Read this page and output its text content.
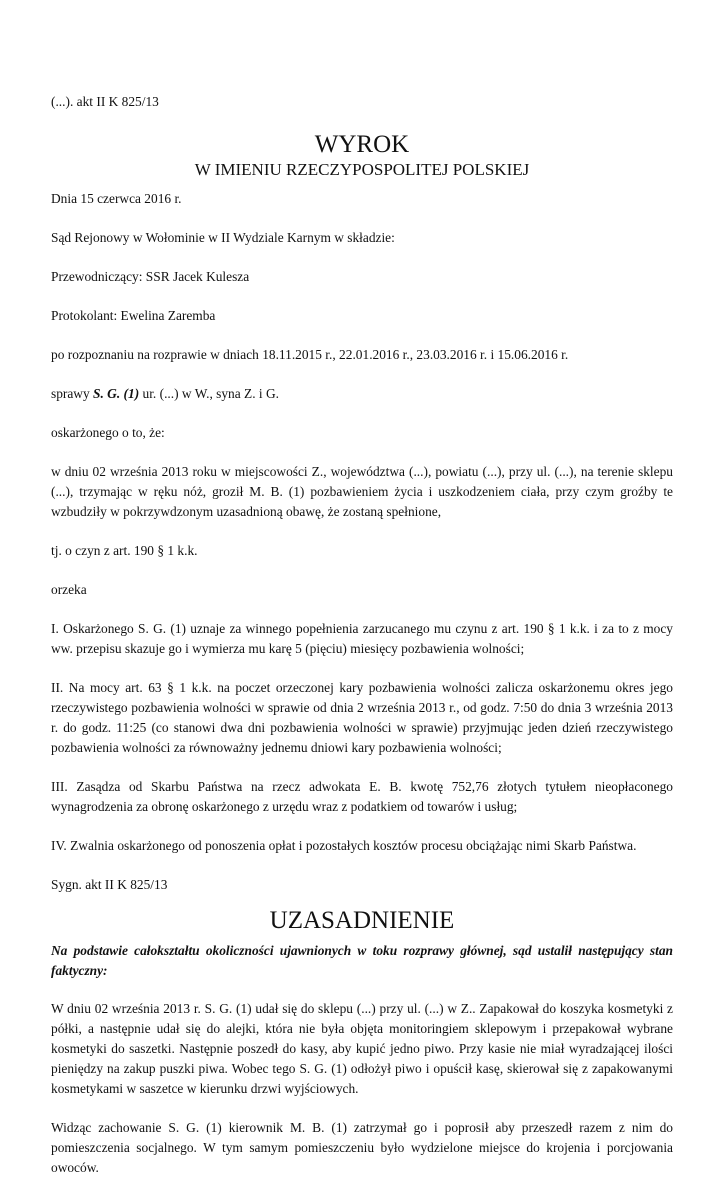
(...). akt II K 825/13

WYROK

W IMIENIU RZECZYPOSPOLITEJ POLSKIEJ

Dnia 15 czerwca 2016 r.

Sąd Rejonowy w Wołominie w II Wydziale Karnym w składzie:

Przewodniczący: SSR Jacek Kulesza

Protokolant: Ewelina Zaremba

po rozpoznaniu na rozprawie w dniach 18.11.2015 r., 22.01.2016 r., 23.03.2016 r. i 15.06.2016 r.

sprawy S. G. (1) ur. (...) w W., syna Z. i G.

oskarżonego o to, że:

w dniu 02 września 2013 roku w miejscowości Z., województwa (...), powiatu (...), przy ul. (...), na terenie sklepu (...), trzymając w ręku nóż, groził M. B. (1) pozbawieniem życia i uszkodzeniem ciała, przy czym groźby te wzbudziły w pokrzywdzonym uzasadnioną obawę, że zostaną spełnione,

tj. o czyn z art. 190 § 1 k.k.

orzeka

I. Oskarżonego S. G. (1) uznaje za winnego popełnienia zarzucanego mu czynu z art. 190 § 1 k.k. i za to z mocy ww. przepisu skazuje go i wymierza mu karę 5 (pięciu) miesięcy pozbawienia wolności;

II. Na mocy art. 63 § 1 k.k. na poczet orzeczonej kary pozbawienia wolności zalicza oskarżonemu okres jego rzeczywistego pozbawienia wolności w sprawie od dnia 2 września 2013 r., od godz. 7:50 do dnia 3 września 2013 r. do godz. 11:25 (co stanowi dwa dni pozbawienia wolności w sprawie) przyjmując jeden dzień rzeczywistego pozbawienia wolności za równoważny jednemu dniowi kary pozbawienia wolności;

III. Zasądza od Skarbu Państwa na rzecz adwokata E. B. kwotę 752,76 złotych tytułem nieopłaconego wynagrodzenia za obronę oskarżonego z urzędu wraz z podatkiem od towarów i usług;

IV. Zwalnia oskarżonego od ponoszenia opłat i pozostałych kosztów procesu obciążając nimi Skarb Państwa.

Sygn. akt II K 825/13

UZASADNIENIE

Na podstawie całokształtu okoliczności ujawnionych w toku rozprawy głównej, sąd ustalił następujący stan faktyczny:

W dniu 02 września 2013 r. S. G. (1) udał się do sklepu (...) przy ul. (...) w Z.. Zapakował do koszyka kosmetyki z półki, a następnie udał się do alejki, która nie była objęta monitoringiem sklepowym i przepakował wybrane kosmetyki do saszetki. Następnie poszedł do kasy, aby kupić jedno piwo. Przy kasie nie miał wyradzającej ilości pieniędzy na zakup puszki piwa. Wobec tego S. G. (1) odłożył piwo i opuścił kasę, skierował się z zapakowanymi kosmetykami w saszetce w kierunku drzwi wyjściowych.

Widząc zachowanie S. G. (1) kierownik M. B. (1) zatrzymał go i poprosił aby przeszedł razem z nim do pomieszczenia socjalnego. W tym samym pomieszczeniu było wydzielone miejsce do krojenia i porcjowania owoców.
